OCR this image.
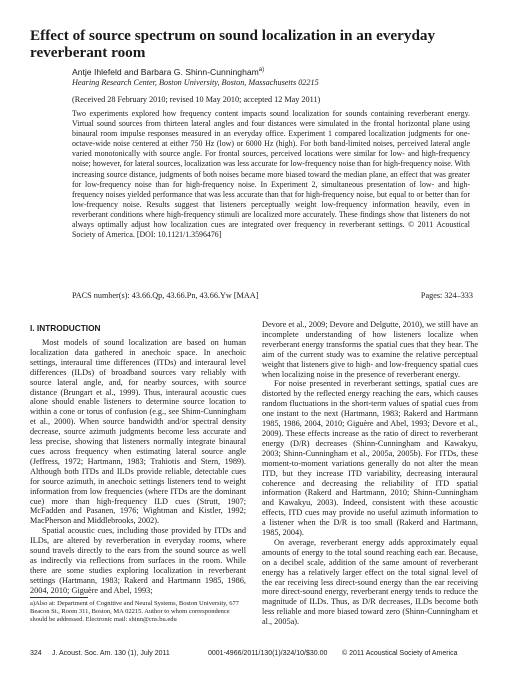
Effect of source spectrum on sound localization in an everyday reverberant room
Antje Ihlefeld and Barbara G. Shinn-Cunningham$^{a)}$
Hearing Research Center, Boston University, Boston, Massachusetts 02215
(Received 28 February 2010; revised 10 May 2010; accepted 12 May 2011)
Two experiments explored how frequency content impacts sound localization for sounds containing reverberant energy. Virtual sound sources from thirteen lateral angles and four distances were simulated in the frontal horizontal plane using binaural room impulse responses measured in an everyday office. Experiment 1 compared localization judgments for one-octave-wide noise centered at either 750 Hz (low) or 6000 Hz (high). For both band-limited noises, perceived lateral angle varied monotonically with source angle. For frontal sources, perceived locations were similar for low- and high-frequency noise; however, for lateral sources, localization was less accurate for low-frequency noise than for high-frequency noise. With increasing source distance, judgments of both noises became more biased toward the median plane, an effect that was greater for low-frequency noise than for high-frequency noise. In Experiment 2, simultaneous presentation of low- and high-frequency noises yielded performance that was less accurate than that for high-frequency noise, but equal to or better than for low-frequency noise. Results suggest that listeners perceptually weight low-frequency information heavily, even in reverberant conditions where high-frequency stimuli are localized more accurately. These findings show that listeners do not always optimally adjust how localization cues are integrated over frequency in reverberant settings. © 2011 Acoustical Society of America. [DOI: 10.1121/1.3596476]
PACS number(s): 43.66.Qp, 43.66.Pn, 43.66.Yw [MAA]	Pages: 324–333
I. INTRODUCTION

Most models of sound localization are based on human localization data gathered in anechoic space. In anechoic settings, interaural time differences (ITDs) and interaural level differences (ILDs) of broadband sources vary reliably with source lateral angle, and, for nearby sources, with source distance (Brungart et al., 1999). Thus, interaural acoustic cues alone should enable listeners to determine source location to within a cone or torus of confusion (e.g., see Shinn-Cunningham et al., 2000). When source bandwidth and/or spectral density decrease, source azimuth judgments become less accurate and less precise, showing that listeners normally integrate binaural cues across frequency when estimating lateral source angle (Jeffress, 1972; Hartmann, 1983; Trahiotis and Stern, 1989). Although both ITDs and ILDs provide reliable, detectable cues for source azimuth, in anechoic settings listeners tend to weight information from low frequencies (where ITDs are the dominant cue) more than high-frequency ILD cues (Strutt, 1907; McFadden and Pasanen, 1976; Wightman and Kistler, 1992; MacPherson and Middlebrooks, 2002).

Spatial acoustic cues, including those provided by ITDs and ILDs, are altered by reverberation in everyday rooms, where sound travels directly to the ears from the sound source as well as indirectly via reflections from surfaces in the room. While there are some studies exploring localization in reverberant settings (Hartmann, 1983; Rakerd and Hartmann 1985, 1986, 2004, 2010; Giguère and Abel, 1993;

Devore et al., 2009; Devore and Delgutte, 2010), we still have an incomplete understanding of how listeners localize when reverberant energy transforms the spatial cues that they hear. The aim of the current study was to examine the relative perceptual weight that listeners give to high- and low-frequency spatial cues when localizing noise in the presence of reverberant energy.

For noise presented in reverberant settings, spatial cues are distorted by the reflected energy reaching the ears, which causes random fluctuations in the short-term values of spatial cues from one instant to the next (Hartmann, 1983; Rakerd and Hartmann 1985, 1986, 2004, 2010; Giguère and Abel, 1993; Devore et al., 2009). These effects increase as the ratio of direct to reverberant energy (D/R) decreases (Shinn-Cunningham and Kawakyu, 2003; Shinn-Cunningham et al., 2005a, 2005b). For ITDs, these moment-to-moment variations generally do not alter the mean ITD, but they increase ITD variability, decreasing interaural coherence and decreasing the reliability of ITD spatial information (Rakerd and Hartmann, 2010; Shinn-Cunningham and Kawakyu, 2003). Indeed, consistent with these acoustic effects, ITD cues may provide no useful azimuth information to a listener when the D/R is too small (Rakerd and Hartmann, 1985, 2004).

On average, reverberant energy adds approximately equal amounts of energy to the total sound reaching each ear. Because, on a decibel scale, addition of the same amount of reverberant energy has a relatively larger effect on the total signal level of the ear receiving less direct-sound energy than the ear receiving more direct-sound energy, reverberant energy tends to reduce the magnitude of ILDs. Thus, as D/R decreases, ILDs become both less reliable and more biased toward zero (Shinn-Cunningham et al., 2005a).

a)Also at: Department of Cognitive and Neural Systems, Boston University, 677 Beacon St., Room 311, Boston, MA 02215. Author to whom correspondence should be addressed. Electronic mail: shinn@cns.bu.edu
324 J. Acoust. Soc. Am. 130 (1), July 2011	0001-4966/2011/130(1)/324/10/$30.00 © 2011 Acoustical Society of America
